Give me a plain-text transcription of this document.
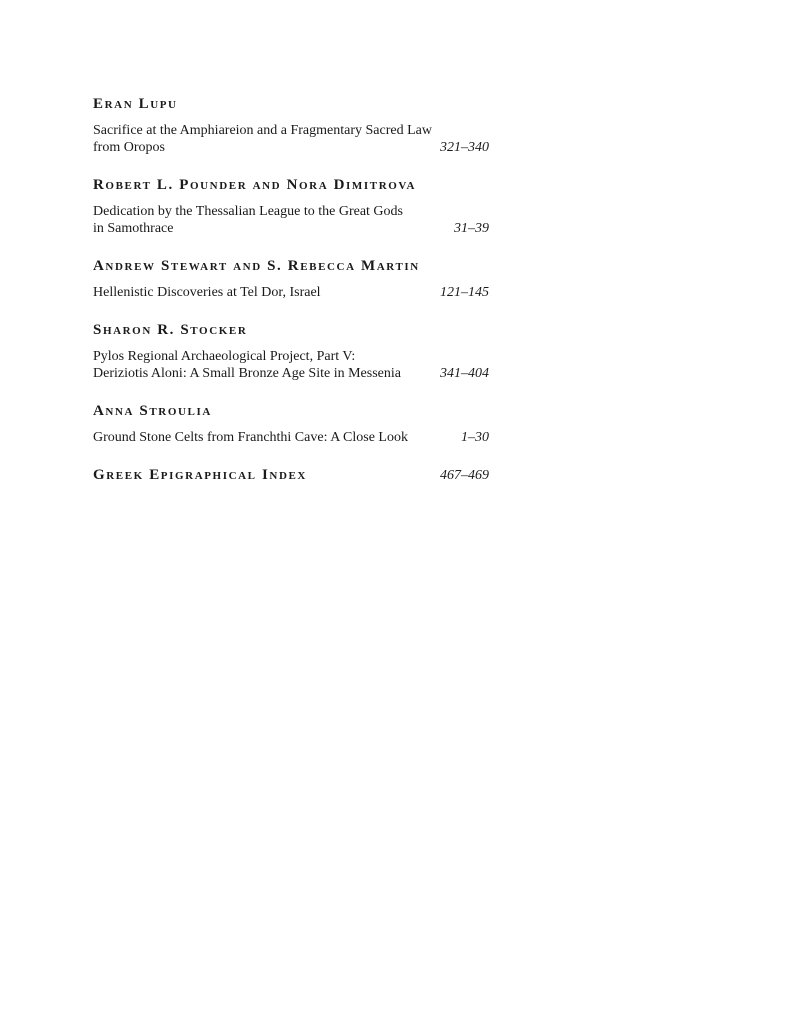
Eran Lupu
Sacrifice at the Amphiareion and a Fragmentary Sacred Law
from Oropos	321–340
Robert L. Pounder and Nora Dimitrova
Dedication by the Thessalian League to the Great Gods
in Samothrace	31–39
Andrew Stewart and S. Rebecca Martin
Hellenistic Discoveries at Tel Dor, Israel	121–145
Sharon R. Stocker
Pylos Regional Archaeological Project, Part V:
Deriziotis Aloni: A Small Bronze Age Site in Messenia	341–404
Anna Stroulia
Ground Stone Celts from Franchthi Cave: A Close Look	1–30
Greek Epigraphical Index	467–469
